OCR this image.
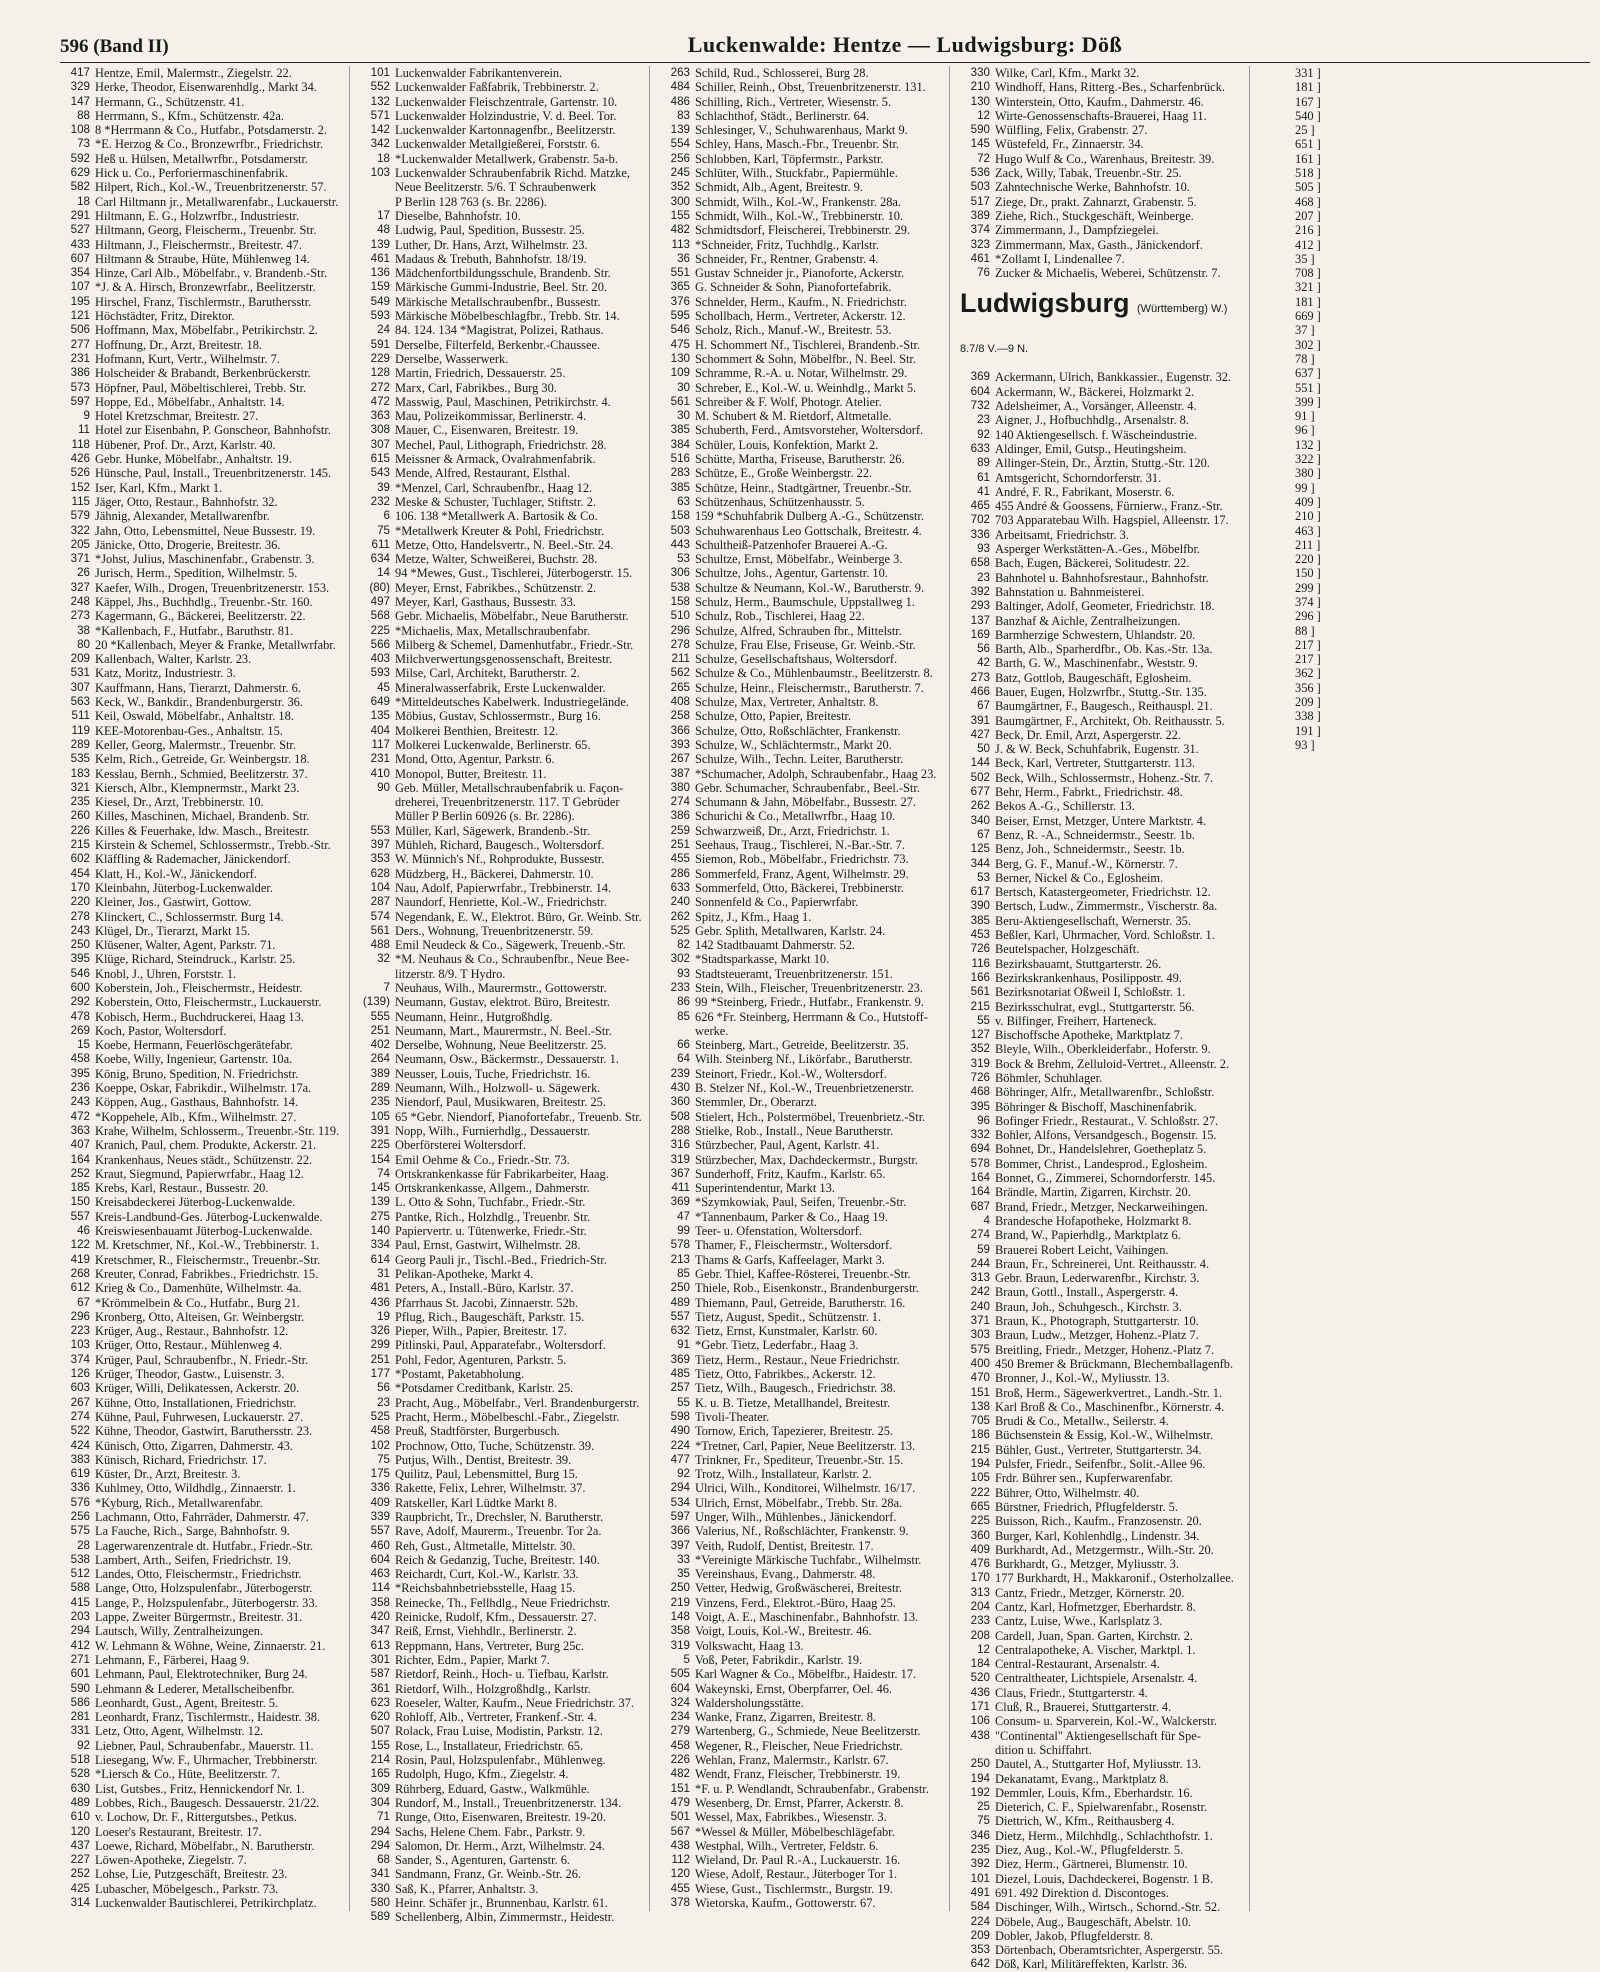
596 (Band II)	Luckenwalde: Hentze — Ludwigsburg: Döß
417 Hentze, Emil, Malermstr., Ziegelstr. 22.
329 Herke, Theodor, Eisenwarenhdlg., Markt 34.
147 Hermann, G., Schützenstr. 41.
88 Herrmann, S., Kfm., Schützenstr. 42a.
108 8 *Herrmann & Co., Hutfabr., Potsdamerstr. 2.
73 *E. Herzog & Co., Bronzewrfbr., Friedrichstr.
592 Heß u. Hülsen, Metallwrfbr., Potsdamerstr.
629 Hick u. Co., Perforiermaschinenfabrik.
582 Hilpert, Rich., Kol.-W., Treuenbritzenerstr. 57.
18 Carl Hiltmann jr., Metallwarenfabr., Luckauerstr.
291 Hiltmann, E. G., Holzwrfbr., Industriestr.
527 Hiltmann, Georg, Fleischerm., Treuenbr. Str.
433 Hiltmann, J., Fleischermstr., Breitestr. 47.
607 Hiltmann & Straube, Hüte, Mühlenweg 14.
354 Hinze, Carl Alb., Möbelfabr., v. Brandenb.-Str.
107 *J. & A. Hirsch, Bronzewrfabr., Beelitzerstr.
195 Hirschel, Franz, Tischlermstr., Baruthersstr.
121 Höchstädter, Fritz, Direktor.
506 Hoffmann, Max, Möbelfabr., Petrikirchstr. 2.
277 Hoffnung, Dr., Arzt, Breitestr. 18.
231 Hofmann, Kurt, Vertr., Wilhelmstr. 7.
386 Holscheider & Brabandt, Berkenbrückerstr.
573 Höpfner, Paul, Möbeltischlerei, Trebb. Str.
597 Hoppe, Ed., Möbelfabr., Anhaltstr. 14.
9 Hotel Kretzschmar, Breitestr. 27.
11 Hotel zur Eisenbahn, P. Gonscheor, Bahnhofstr.
118 Hübener, Prof. Dr., Arzt, Karlstr. 40.
426 Gebr. Hunke, Möbelfabr., Anhaltstr. 19.
526 Hünsche, Paul, Install., Treuenbritzenerstr. 145.
152 Iser, Karl, Kfm., Markt 1.
115 Jäger, Otto, Restaur., Bahnhofstr. 32.
579 Jähnig, Alexander, Metallwarenfbr.
322 Jahn, Otto, Lebensmittel, Neue Bussestr. 19.
205 Jänicke, Otto, Drogerie, Breitestr. 36.
371 *Johst, Julius, Maschinenfabr., Grabenstr. 3.
26 Jurisch, Herm., Spedition, Wilhelmstr. 5.
327 Kaefer, Wilh., Drogen, Treuenbritzenerstr. 153.
248 Käppel, Jhs., Buchhdlg., Treuenbr.-Str. 160.
273 Kagermann, G., Bäckerei, Beelitzerstr. 22.
38 *Kallenbach, F., Hutfabr., Baruthstr. 81.
80 20 *Kallenbach, Meyer & Franke, Metallwrfabr.
209 Kallenbach, Walter, Karlstr. 23.
531 Katz, Moritz, Industriestr. 3.
307 Kauffmann, Hans, Tierarzt, Dahmerstr. 6.
563 Keck, W., Bankdir., Brandenburgerstr. 36.
511 Keil, Oswald, Möbelfabr., Anhaltstr. 18.
119 KEE-Motorenbau-Ges., Anhaltstr. 15.
289 Keller, Georg, Malermstr., Treuenbr. Str.
535 Kelm, Rich., Getreide, Gr. Weinbergstr. 18.
183 Kesslau, Bernh., Schmied, Beelitzerstr. 37.
321 Kiersch, Albr., Klempnermstr., Markt 23.
235 Kiesel, Dr., Arzt, Trebbinerstr. 10.
260 Killes, Maschinen, Michael, Brandenb. Str.
226 Killes & Feuerhake, ldw. Masch., Breitestr.
215 Kirstein & Schemel, Schlossermstr., Trebb.-Str.
602 Kläffling & Rademacher, Jänickendorf.
454 Klatt, H., Kol.-W., Jänickendorf.
170 Kleinbahn, Jüterbog-Luckenwalder.
220 Kleiner, Jos., Gastwirt, Gottow.
278 Klinckert, C., Schlossermstr. Burg 14.
243 Klügel, Dr., Tierarzt, Markt 15.
250 Klüsener, Walter, Agent, Parkstr. 71.
395 Klüge, Richard, Steindruck., Karlstr. 25.
546 Knobl, J., Uhren, Forststr. 1.
600 Koberstein, Joh., Fleischermstr., Heidestr.
292 Koberstein, Otto, Fleischermstr., Luckauerstr.
478 Kobisch, Herm., Buchdruckerei, Haag 13.
269 Koch, Pastor, Woltersdorf.
15 Koebe, Hermann, Feuerlöschgerätefabr.
458 Koebe, Willy, Ingenieur, Gartenstr. 10a.
395 König, Bruno, Spedition, N. Friedrichstr.
236 Koeppe, Oskar, Fabrikdir., Wilhelmstr. 17a.
243 Köppen, Aug., Gasthaus, Bahnhofstr. 14.
472 *Koppehele, Alb., Kfm., Wilhelmstr. 27.
363 Krahe, Wilhelm, Schlosserm., Treuenbr.-Str. 119.
407 Kranich, Paul, chem. Produkte, Ackerstr. 21.
164 Krankenhaus, Neues städt., Schützenstr. 22.
252 Kraut, Siegmund, Papierwrfabr., Haag 12.
185 Krebs, Karl, Restaur., Bussestr. 20.
150 Kreisabdeckerei Jüterbog-Luckenwalde.
557 Kreis-Landbund-Ges. Jüterbog-Luckenwalde.
46 Kreiswiesenbauamt Jüterbog-Luckenwalde.
122 M. Kretschmer, Nf., Kol.-W., Trebbinerstr. 1.
419 Kretschmer, R., Fleischermstr., Treuenbr.-Str.
268 Kreuter, Conrad, Fabrikbes., Friedrichstr. 15.
612 Krieg & Co., Damenhüte, Wilhelmstr. 4a.
67 *Krömmelbein & Co., Hutfabr., Burg 21.
296 Kronberg, Otto, Alteisen, Gr. Weinbergstr.
223 Krüger, Aug., Restaur., Bahnhofstr. 12.
103 Krüger, Otto, Restaur., Mühlenweg 4.
374 Krüger, Paul, Schraubenfbr., N. Friedr.-Str.
126 Krüger, Theodor, Gastw., Luisenstr. 3.
603 Krüger, Willi, Delikatessen, Ackerstr. 20.
267 Kühne, Otto, Installationen, Friedrichstr.
274 Kühne, Paul, Fuhrwesen, Luckauerstr. 27.
522 Kühne, Theodor, Gastwirt, Baruthersstr. 23.
424 Künisch, Otto, Zigarren, Dahmerstr. 43.
383 Künisch, Richard, Friedrichstr. 17.
619 Küster, Dr., Arzt, Breitestr. 3.
336 Kuhlmey, Otto, Wildhdlg., Zinnaerstr. 1.
576 *Kyburg, Rich., Metallwarenfabr.
256 Lachmann, Otto, Fahrräder, Dahmerstr. 47.
575 La Fauche, Rich., Sarge, Bahnhofstr. 9.
28 Lagerwarenzentrale dt. Hutfabr., Friedr.-Str.
538 Lambert, Arth., Seifen, Friedrichstr. 19.
512 Landes, Otto, Fleischermstr., Friedrichstr.
588 Lange, Otto, Holzspulenfabr., Jüterbogerstr.
415 Lange, P., Holzspulenfabr., Jüterbogerstr. 33.
203 Lappe, Zweiter Bürgermstr., Breitestr. 31.
294 Lautsch, Willy, Zentralheizungen.
412 W. Lehmann & Wöhne, Weine, Zinnaerstr. 21.
271 Lehmann, F., Färberei, Haag 9.
601 Lehmann, Paul, Elektrotechniker, Burg 24.
590 Lehmann & Lederer, Metallscheibenfbr.
586 Leonhardt, Gust., Agent, Breitestr. 5.
281 Leonhardt, Franz, Tischlermstr., Haidestr. 38.
331 Letz, Otto, Agent, Wilhelmstr. 12.
92 Liebner, Paul, Schraubenfabr., Mauerstr. 11.
518 Liesegang, Ww. F., Uhrmacher, Trebbinerstr.
528 *Liersch & Co., Hüte, Beelitzerstr. 7.
630 List, Gutsbes., Fritz, Hennickendorf Nr. 1.
489 Lobbes, Rich., Baugesch. Dessauerstr. 21/22.
610 v. Lochow, Dr. F., Rittergutsbes., Petkus.
120 Loeser's Restaurant, Breitestr. 17.
437 Loewe, Richard, Möbelfabr., N. Barutherstr.
227 Löwen-Apotheke, Ziegelstr. 7.
252 Lohse, Lie, Putzgeschäft, Breitestr. 23.
425 Lubascher, Möbelgesch., Parkstr. 73.
314 Luckenwalder Bautischlerei, Petrikirchplatz.
101 Luckenwalder Fabrikantenverein.
552 Luckenwalder Faßfabrik, Trebbinerstr. 2.
132 Luckenwalder Fleischzentrale, Gartenstr. 10.
571 Luckenwalder Holzindustrie, V. d. Beel. Tor.
142 Luckenwalder Kartonnagenfbr., Beelitzerstr.
342 Luckenwalder Metallgießerei, Forststr. 6.
18 *Luckenwalder Metallwerk, Grabenstr. 5a-b.
103 Luckenwalder Schraubenfabrik Richd. Matzke,
Neue Beelitzerstr. 5/6. T Schraubenwerk
P Berlin 128 763 (s. Br. 2286).
17 Dieselbe, Bahnhofstr. 10.
48 Ludwig, Paul, Spedition, Bussestr. 25.
139 Luther, Dr. Hans, Arzt, Wilhelmstr. 23.
461 Madaus & Trebuth, Bahnhofstr. 18/19.
136 Mädchenfortbildungsschule, Brandenb. Str.
159 Märkische Gummi-Industrie, Beel. Str. 20.
549 Märkische Metallschraubenfbr., Bussestr.
593 Märkische Möbelbeschlagfbr., Trebb. Str. 14.
24 84. 124. 134 *Magistrat, Polizei, Rathaus.
591 Derselbe, Filterfeld, Berkenbr.-Chaussee.
229 Derselbe, Wasserwerk.
128 Martin, Friedrich, Dessauerstr. 25.
272 Marx, Carl, Fabrikbes., Burg 30.
472 Masswig, Paul, Maschinen, Petrikirchstr. 4.
363 Mau, Polizeikommissar, Berlinerstr. 4.
308 Mauer, C., Eisenwaren, Breitestr. 19.
307 Mechel, Paul, Lithograph, Friedrichstr. 28.
615 Meissner & Armack, Ovalrahmenfabrik.
543 Mende, Alfred, Restaurant, Elsthal.
39 *Menzel, Carl, Schraubenfbr., Haag 12.
232 Meske & Schuster, Tuchlager, Stiftstr. 2.
6 106. 138 *Metallwerk A. Bartosik & Co.
75 *Metallwerk Kreuter & Pohl, Friedrichstr.
611 Metze, Otto, Handelsvertr., N. Beel.-Str. 24.
634 Metze, Walter, Schweißerei, Buchstr. 28.
14 94 *Mewes, Gust., Tischlerei, Jüterbogerstr. 15.
(80) Meyer, Ernst, Fabrikbes., Schützenstr. 2.
497 Meyer, Karl, Gasthaus, Bussestr. 33.
568 Gebr. Michaelis, Möbelfabr., Neue Barutherstr.
225 *Michaelis, Max, Metallschraubenfabr.
566 Milberg & Schemel, Damenhutfabr., Friedr.-Str.
403 Milchverwertungsgenossenschaft, Breitestr.
593 Milse, Carl, Architekt, Barutherstr. 2.
45 Mineralwasserfabrik, Erste Luckenwalder.
649 *Mitteldeutsches Kabelwerk. Industriegelände.
135 Möbius, Gustav, Schlossermstr., Burg 16.
404 Molkerei Benthien, Breitestr. 12.
117 Molkerei Luckenwalde, Berlinerstr. 65.
231 Mond, Otto, Agentur, Parkstr. 6.
410 Monopol, Butter, Breitestr. 11.
90 Geb. Müller, Metallschraubenfabrik u. Façon-
dreherei, Treuenbritzenerstr. 117. T Gebrüder
Müller P Berlin 60926 (s. Br. 2286).
553 Müller, Karl, Sägewerk, Brandenb.-Str.
397 Mühleh, Richard, Baugesch., Woltersdorf.
353 W. Münnich's Nf., Rohprodukte, Bussestr.
628 Müdzberg, H., Bäckerei, Dahmerstr. 10.
104 Nau, Adolf, Papierwrfabr., Trebbinerstr. 14.
287 Naundorf, Henriette, Kol.-W., Friedrichstr.
574 Negendank, E. W., Elektrot. Büro, Gr. Weinb. Str.
561 Ders., Wohnung, Treuenbritzenerstr. 59.
488 Emil Neudeck & Co., Sägewerk, Treuenb.-Str.
32 *M. Neuhaus & Co., Schraubenfbr., Neue Bee-
litzerstr. 8/9. T Hydro.
7 Neuhaus, Wilh., Maurermstr., Gottowerstr.
(139) Neumann, Gustav, elektrot. Büro, Breitestr.
555 Neumann, Heinr., Hutgroßhdlg.
251 Neumann, Mart., Maurermstr., N. Beel.-Str.
402 Derselbe, Wohnung, Neue Beelitzerstr. 25.
264 Neumann, Osw., Bäckermstr., Dessauerstr. 1.
389 Neusser, Louis, Tuche, Friedrichstr. 16.
289 Neumann, Wilh., Holzwoll- u. Sägewerk.
235 Niendorf, Paul, Musikwaren, Breitestr. 25.
105 65 *Gebr. Niendorf, Pianofortefabr., Treuenb. Str.
391 Nopp, Wilh., Furnierhdlg., Dessauerstr.
225 Oberförsterei Woltersdorf.
154 Emil Oehme & Co., Friedr.-Str. 73.
74 Ortskrankenkasse für Fabrikarbeiter, Haag.
145 Ortskrankenkasse, Allgem., Dahmerstr.
139 L. Otto & Sohn, Tuchfabr., Friedr.-Str.
275 Pantke, Rich., Holzhdlg., Treuenbr. Str.
140 Papiervertr. u. Tütenwerke, Friedr.-Str.
334 Paul, Ernst, Gastwirt, Wilhelmstr. 28.
614 Georg Pauli jr., Tischl.-Bed., Friedrich-Str.
31 Pelikan-Apotheke, Markt 4.
481 Peters, A., Install.-Büro, Karlstr. 37.
436 Pfarrhaus St. Jacobi, Zinnaerstr. 52b.
19 Pflug, Rich., Baugeschäft, Parkstr. 15.
326 Pieper, Wilh., Papier, Breitestr. 17.
299 Pitlinski, Paul, Apparatefabr., Woltersdorf.
251 Pohl, Fedor, Agenturen, Parkstr. 5.
177 *Postamt, Paketabholung.
56 *Potsdamer Creditbank, Karlstr. 25.
23 Pracht, Aug., Möbelfabr., Verl. Brandenburgerstr.
525 Pracht, Herm., Möbelbeschl.-Fabr., Ziegelstr.
458 Preuß, Stadtförster, Burgerbusch.
102 Prochnow, Otto, Tuche, Schützenstr. 39.
75 Putjus, Wilh., Dentist, Breitestr. 39.
175 Quilitz, Paul, Lebensmittel, Burg 15.
336 Rakette, Felix, Lehrer, Wilhelmstr. 37.
409 Ratskeller, Karl Lüdtke Markt 8.
339 Raupbricht, Tr., Drechsler, N. Barutherstr.
557 Rave, Adolf, Maurerm., Treuenbr. Tor 2a.
460 Reh, Gust., Altmetalle, Mittelstr. 30.
604 Reich & Gedanzig, Tuche, Breitestr. 140.
463 Reichardt, Curt, Kol.-W., Karlstr. 33.
114 *Reichsbahnbetriebsstelle, Haag 15.
358 Reinecke, Th., Fellhdlg., Neue Friedrichstr.
420 Reinicke, Rudolf, Kfm., Dessauerstr. 27.
347 Reiß, Ernst, Viehhdlr., Berlinerstr. 2.
613 Reppmann, Hans, Vertreter, Burg 25c.
301 Richter, Edm., Papier, Markt 7.
587 Rietdorf, Reinh., Hoch- u. Tiefbau, Karlstr.
361 Rietdorf, Wilh., Holzgroßhdlg., Karlstr.
623 Roeseler, Walter, Kaufm., Neue Friedrichstr. 37.
620 Rohloff, Alb., Vertreter, Frankenf.-Str. 4.
507 Rolack, Frau Luise, Modistin, Parkstr. 12.
155 Rose, L., Installateur, Friedrichstr. 65.
214 Rosin, Paul, Holzspulenfabr., Mühlenweg.
165 Rudolph, Hugo, Kfm., Ziegelstr. 4.
309 Rührberg, Eduard, Gastw., Walkmühle.
304 Rundorf, M., Install., Treuenbritzenerstr. 134.
71 Runge, Otto, Eisenwaren, Breitestr. 19-20.
294 Sachs, Helene Chem. Fabr., Parkstr. 9.
294 Salomon, Dr. Herm., Arzt, Wilhelmstr. 24.
68 Sander, S., Agenturen, Gartenstr. 6.
341 Sandmann, Franz, Gr. Weinb.-Str. 26.
330 Saß, K., Pfarrer, Anhaltstr. 3.
580 Heinr. Schäfer jr., Brunnenbau, Karlstr. 61.
589 Schellenberg, Albin, Zimmermstr., Heidestr.
263 Schild, Rud., Schlosserei, Burg 28.
484 Schiller, Reinh., Obst, Treuenbritzenerstr. 131.
486 Schilling, Rich., Vertreter, Wiesenstr. 5.
83 Schlachthof, Städt., Berlinerstr. 64.
139 Schlesinger, V., Schuhwarenhaus, Markt 9.
554 Schley, Hans, Masch.-Fbr., Treuenbr. Str.
256 Schlobben, Karl, Töpfermstr., Parkstr.
245 Schlüter, Wilh., Stuckfabr., Papiermühle.
352 Schmidt, Alb., Agent, Breitestr. 9.
300 Schmidt, Wilh., Kol.-W., Frankenstr. 28a.
155 Schmidt, Wilh., Kol.-W., Trebbinerstr. 10.
482 Schmidtsdorf, Fleischerei, Trebbinerstr. 29.
113 *Schneider, Fritz, Tuchhdlg., Karlstr.
36 Schneider, Fr., Rentner, Grabenstr. 4.
551 Gustav Schneider jr., Pianoforte, Ackerstr.
365 G. Schneider & Sohn, Pianofortefabrik.
376 Schnelder, Herm., Kaufm., N. Friedrichstr.
595 Schollbach, Herm., Vertreter, Ackerstr. 12.
546 Scholz, Rich., Manuf.-W., Breitestr. 53.
475 H. Schommert Nf., Tischlerei, Brandenb.-Str.
130 Schommert & Sohn, Möbelfbr., N. Beel. Str.
109 Schramme, R.-A. u. Notar, Wilhelmstr. 29.
30 Schreber, E., Kol.-W. u. Weinhdlg., Markt 5.
561 Schreiber & F. Wolf, Photogr. Atelier.
30 M. Schubert & M. Rietdorf, Altmetalle.
385 Schuberth, Ferd., Amtsvorsteher, Woltersdorf.
384 Schüler, Louis, Konfektion, Markt 2.
516 Schütte, Martha, Friseuse, Barutherstr. 26.
283 Schütze, E., Große Weinbergstr. 22.
385 Schütze, Heinr., Stadtgärtner, Treuenbr.-Str.
63 Schützenhaus, Schützenhausstr. 5.
158 159 *Schuhfabrik Dulberg A.-G., Schützenstr.
503 Schuhwarenhaus Leo Gottschalk, Breitestr. 4.
443 Schultheiß-Patzenhofer Brauerei A.-G.
53 Schultze, Ernst, Möbelfabr., Weinberge 3.
306 Schultze, Johs., Agentur, Gartenstr. 10.
538 Schultze & Neumann, Kol.-W., Barutherstr. 9.
158 Schulz, Herm., Baumschule, Uppstallweg 1.
510 Schulz, Rob., Tischlerei, Haag 22.
296 Schulze, Alfred, Schrauben fbr., Mittelstr.
278 Schulze, Frau Else, Friseuse, Gr. Weinb.-Str.
211 Schulze, Gesellschaftshaus, Woltersdorf.
562 Schulze & Co., Mühlenbaumstr., Beelitzerstr. 8.
265 Schulze, Heinr., Fleischermstr., Barutherstr. 7.
408 Schulze, Max, Vertreter, Anhaltstr. 8.
258 Schulze, Otto, Papier, Breitestr.
366 Schulze, Otto, Roßschlächter, Frankenstr.
393 Schulze, W., Schlächtermstr., Markt 20.
267 Schulze, Wilh., Techn. Leiter, Barutherstr.
387 *Schumacher, Adolph, Schraubenfabr., Haag 23.
380 Gebr. Schumacher, Schraubenfabr., Beel.-Str.
274 Schumann & Jahn, Möbelfabr., Bussestr. 27.
386 Schurichi & Co., Metallwrfbr., Haag 10.
259 Schwarzweiß, Dr., Arzt, Friedrichstr. 1.
251 Seehaus, Traug., Tischlerei, N.-Bar.-Str. 7.
455 Siemon, Rob., Möbelfabr., Friedrichstr. 73.
286 Sommerfeld, Franz, Agent, Wilhelmstr. 29.
633 Sommerfeld, Otto, Bäckerei, Trebbinerstr.
240 Sonnenfeld & Co., Papierwrfabr.
262 Spitz, J., Kfm., Haag 1.
525 Gebr. Splith, Metallwaren, Karlstr. 24.
82 142 Stadtbauamt Dahmerstr. 52.
302 *Stadtsparkasse, Markt 10.
93 Stadtsteueramt, Treuenbritzenerstr. 151.
233 Stein, Wilh., Fleischer, Treuenbritzenerstr. 23.
86 99 *Steinberg, Friedr., Hutfabr., Frankenstr. 9.
85 626 *Fr. Steinberg, Herrmann & Co., Hutstoff-
werke.
66 Steinberg, Mart., Getreide, Beelitzerstr. 35.
64 Wilh. Steinberg Nf., Likörfabr., Barutherstr.
239 Steinort, Friedr., Kol.-W., Woltersdorf.
430 B. Stelzer Nf., Kol.-W., Treuenbrietzenerstr.
360 Stemmler, Dr., Oberarzt.
508 Stielert, Hch., Polstermöbel, Treuenbrietz.-Str.
288 Stielke, Rob., Install., Neue Barutherstr.
316 Stürzbecher, Paul, Agent, Karlstr. 41.
319 Stürzbecher, Max, Dachdeckermstr., Burgstr.
367 Sunderhoff, Fritz, Kaufm., Karlstr. 65.
411 Superintendentur, Markt 13.
369 *Szymkowiak, Paul, Seifen, Treuenbr.-Str.
47 *Tannenbaum, Parker & Co., Haag 19.
99 Teer- u. Ofenstation, Woltersdorf.
578 Thamer, F., Fleischermstr., Woltersdorf.
213 Thams & Garfs, Kaffeelager, Markt 3.
85 Gebr. Thiel, Kaffee-Rösterei, Treuenbr.-Str.
250 Thiele, Rob., Eisenkonstr., Brandenburgerstr.
489 Thiemann, Paul, Getreide, Barutherstr. 16.
557 Tietz, August, Spedit., Schützenstr. 1.
632 Tietz, Ernst, Kunstmaler, Karlstr. 60.
91 *Gebr. Tietz, Lederfabr., Haag 3.
369 Tietz, Herm., Restaur., Neue Friedrichstr.
485 Tietz, Otto, Fabrikbes., Ackerstr. 12.
257 Tietz, Wilh., Baugesch., Friedrichstr. 38.
55 K. u. B. Tietze, Metallhandel, Breitestr.
598 Tivoli-Theater.
490 Tornow, Erich, Tapezierer, Breitestr. 25.
224 *Tretner, Carl, Papier, Neue Beelitzerstr. 13.
477 Trinkner, Fr., Spediteur, Treuenbr.-Str. 15.
92 Trotz, Wilh., Installateur, Karlstr. 2.
294 Ulrici, Wilh., Konditorei, Wilhelmstr. 16/17.
534 Ulrich, Ernst, Möbelfabr., Trebb. Str. 28a.
597 Unger, Wilh., Mühlenbes., Jänickendorf.
366 Valerius, Nf., Roßschlächter, Frankenstr. 9.
397 Veith, Rudolf, Dentist, Breitestr. 17.
33 *Vereinigte Märkische Tuchfabr., Wilhelmstr.
35 Vereinshaus, Evang., Dahmerstr. 48.
250 Vetter, Hedwig, Großwäscherei, Breitestr.
219 Vinzens, Ferd., Elektrot.-Büro, Haag 25.
148 Voigt, A. E., Maschinenfabr., Bahnhofstr. 13.
358 Voigt, Louis, Kol.-W., Breitestr. 46.
319 Volkswacht, Haag 13.
5 Voß, Peter, Fabrikdir., Karlstr. 19.
505 Karl Wagner & Co., Möbelfbr., Haidestr. 17.
604 Wakeynski, Ernst, Oberpfarrer, Oel. 46.
324 Waldersholungsstätte.
234 Wanke, Franz, Zigarren, Breitestr. 8.
279 Wartenberg, G., Schmiede, Neue Beelitzerstr.
458 Wegener, R., Fleischer, Neue Friedrichstr.
226 Wehlan, Franz, Malermstr., Karlstr. 67.
482 Wendt, Franz, Fleischer, Trebbinerstr. 19.
151 *F. u. P. Wendlandt, Schraubenfabr., Grabenstr.
479 Wesenberg, Dr. Ernst, Pfarrer, Ackerstr. 8.
501 Wessel, Max, Fabrikbes., Wiesenstr. 3.
567 *Wessel & Müller, Möbelbeschlägefabr.
438 Westphal, Wilh., Vertreter, Feldstr. 6.
112 Wieland, Dr. Paul R.-A., Luckauerstr. 16.
120 Wiese, Adolf, Restaur., Jüterboger Tor 1.
455 Wiese, Gust., Tischlermstr., Burgstr. 19.
378 Wietorska, Kaufm., Gottowerstr. 67.
330 Wilke, Carl, Kfm., Markt 32.
210 Windhoff, Hans, Ritterg.-Bes., Scharfenbrück.
130 Winterstein, Otto, Kaufm., Dahmerstr. 46.
12 Wirte-Genossenschafts-Brauerei, Haag 11.
590 Wülfling, Felix, Grabenstr. 27.
145 Wüstefeld, Fr., Zinnaerstr. 34.
72 Hugo Wulf & Co., Warenhaus, Breitestr. 39.
536 Zack, Willy, Tabak, Treuenbr.-Str. 25.
503 Zahntechnische Werke, Bahnhofstr. 10.
517 Ziege, Dr., prakt. Zahnarzt, Grabenstr. 5.
389 Ziehe, Rich., Stuckgeschäft, Weinberge.
374 Zimmermann, J., Dampfziegelei.
323 Zimmermann, Max, Gasth., Jänickendorf.
461 *Zollamt I, Lindenallee 7.
76 Zucker & Michaelis, Weberei, Schützenstr. 7.
Ludwigsburg (Württemberg) W.) 8.7/8 V.—9 N.
369 Ackermann, Ulrich, Bankkassier., Eugenstr. 32.
604 Ackermann, W., Bäckerei, Holzmarkt 2.
732 Adelsheimer, A., Vorsänger, Alleenstr. 4.
23 Aigner, J., Hofbuchhdlg., Arsenalstr. 8.
92 140 Aktiengesellsch. f. Wäscheindustrie.
633 Aldinger, Emil, Gutsp., Heutingsheim.
89 Allinger-Stein, Dr., Ärztin, Stuttg.-Str. 120.
61 Amtsgericht, Schorndorferstr. 31.
41 André, F. R., Fabrikant, Moserstr. 6.
465 455 André & Goossens, Fürnierw., Franz.-Str.
702 703 Apparatebau Wilh. Hagspiel, Alleenstr. 17.
336 Arbeitsamt, Friedrichstr. 3.
93 Asperger Werkstätten-A.-Ges., Möbelfbr.
658 Bach, Eugen, Bäckerei, Solitudestr. 22.
23 Bahnhotel u. Bahnhofsrestaur., Bahnhofstr.
392 Bahnstation u. Bahnmeisterei.
293 Baltinger, Adolf, Geometer, Friedrichstr. 18.
137 Banzhaf & Aichle, Zentralheizungen.
169 Barmherzige Schwestern, Uhlandstr. 20.
56 Barth, Alb., Sparherdfbr., Ob. Kas.-Str. 13a.
42 Barth, G. W., Maschinenfabr., Weststr. 9.
273 Batz, Gottlob, Baugeschäft, Eglosheim.
466 Bauer, Eugen, Holzwrfbr., Stuttg.-Str. 135.
67 Baumgärtner, F., Baugesch., Reithauspl. 21.
391 Baumgärtner, F., Architekt, Ob. Reithausstr. 5.
427 Beck, Dr. Emil, Arzt, Aspergerstr. 22.
50 J. & W. Beck, Schuhfabrik, Eugenstr. 31.
144 Beck, Karl, Vertreter, Stuttgarterstr. 113.
502 Beck, Wilh., Schlossermstr., Hohenz.-Str. 7.
677 Behr, Herm., Fabrkt., Friedrichstr. 48.
262 Bekos A.-G., Schillerstr. 13.
340 Beiser, Ernst, Metzger, Untere Marktstr. 4.
67 Benz, R. -A., Schneidermstr., Seestr. 1b.
125 Benz, Joh., Schneidermstr., Seestr. 1b.
344 Berg, G. F., Manuf.-W., Körnerstr. 7.
53 Berner, Nickel & Co., Eglosheim.
617 Bertsch, Katastergeometer, Friedrichstr. 12.
390 Bertsch, Ludw., Zimmermstr., Vischerstr. 8a.
385 Beru-Aktiengesellschaft, Wernerstr. 35.
453 Beßler, Karl, Uhrmacher, Vord. Schloßstr. 1.
726 Beutelspacher, Holzgeschäft.
116 Bezirksbauamt, Stuttgarterstr. 26.
166 Bezirkskrankenhaus, Posilippostr. 49.
561 Bezirksnotariat Oßweil I, Schloßstr. 1.
215 Bezirksschulrat, evgl., Stuttgarterstr. 56.
55 v. Bilfinger, Freiherr, Harteneck.
127 Bischoffsche Apotheke, Marktplatz 7.
352 Bleyle, Wilh., Oberkleiderfabr., Hoferstr. 9.
319 Bock & Brehm, Zelluloid-Vertret., Alleenstr. 2.
726 Böhmler, Schuhlager.
468 Böhringer, Alfr., Metallwarenfbr., Schloßstr.
395 Böhringer & Bischoff, Maschinenfabrik.
96 Bofinger Friedr., Restaurat., V. Schloßstr. 27.
332 Bohler, Alfons, Versandgesch., Bogenstr. 15.
694 Bohnet, Dr., Handelslehrer, Goetheplatz 5.
578 Bommer, Christ., Landesprod., Eglosheim.
164 Bonnet, G., Zimmerei, Schorndorferstr. 145.
164 Brändle, Martin, Zigarren, Kirchstr. 20.
687 Brand, Friedr., Metzger, Neckarweihingen.
4 Brandesche Hofapotheke, Holzmarkt 8.
274 Brand, W., Papierhdlg., Marktplatz 6.
59 Brauerei Robert Leicht, Vaihingen.
244 Braun, Fr., Schreinerei, Unt. Reithausstr. 4.
313 Gebr. Braun, Lederwarenfbr., Kirchstr. 3.
242 Braun, Gottl., Install., Aspergerstr. 4.
240 Braun, Joh., Schuhgesch., Kirchstr. 3.
371 Braun, K., Photograph, Stuttgarterstr. 10.
303 Braun, Ludw., Metzger, Hohenz.-Platz 7.
575 Breitling, Friedr., Metzger, Hohenz.-Platz 7.
400 450 Bremer & Brückmann, Blechemballagenfb.
470 Bronner, J., Kol.-W., Myliusstr. 13.
151 Broß, Herm., Sägewerkvertret., Landh.-Str. 1.
138 Karl Broß & Co., Maschinenfbr., Körnerstr. 4.
705 Brudi & Co., Metallw., Seilerstr. 4.
186 Büchsenstein & Essig, Kol.-W., Wilhelmstr.
215 Bühler, Gust., Vertreter, Stuttgarterstr. 34.
194 Pulsfer, Friedr., Seifenfbr., Solit.-Allee 96.
105 Frdr. Bührer sen., Kupferwarenfabr.
222 Bührer, Otto, Wilhelmstr. 40.
665 Bürstner, Friedrich, Pflugfelderstr. 5.
225 Buisson, Rich., Kaufm., Franzosenstr. 20.
360 Burger, Karl, Kohlenhdlg., Lindenstr. 34.
409 Burkhardt, Ad., Metzgermstr., Wilh.-Str. 20.
476 Burkhardt, G., Metzger, Myliusstr. 3.
170 177 Burkhardt, H., Makkaronif., Osterholzallee.
313 Cantz, Friedr., Metzger, Körnerstr. 20.
204 Cantz, Karl, Hofmetzger, Eberhardstr. 8.
233 Cantz, Luise, Wwe., Karlsplatz 3.
208 Cardell, Juan, Span. Garten, Kirchstr. 2.
12 Centralapotheke, A. Vischer, Marktpl. 1.
184 Central-Restaurant, Arsenalstr. 4.
520 Centraltheater, Lichtspiele, Arsenalstr. 4.
436 Claus, Friedr., Stuttgarterstr. 4.
171 Cluß, R., Brauerei, Stuttgarterstr. 4.
106 Consum- u. Sparverein, Kol.-W., Walckerstr.
438 "Continental" Aktiengesellschaft für Spe-
dition u. Schiffahrt.
250 Dautel, A., Stuttgarter Hof, Myliusstr. 13.
194 Dekanatamt, Evang., Marktplatz 8.
192 Demmler, Louis, Kfm., Eberhardstr. 16.
25 Dieterich, C. F., Spielwarenfabr., Rosenstr.
75 Diettrich, W., Kfm., Reithausberg 4.
346 Dietz, Herm., Milchhdlg., Schlachthofstr. 1.
235 Diez, Aug., Kol.-W., Pflugfelderstr. 5.
392 Diez, Herm., Gärtnerei, Blumenstr. 10.
101 Diezel, Louis, Dachdeckerei, Bogenstr. 1 B.
491 691. 492 Direktion d. Discontoges.
584 Dischinger, Wilh., Wirtsch., Schornd.-Str. 52.
224 Döbele, Aug., Baugeschäft, Abelstr. 10.
209 Dobler, Jakob, Pflugfelderstr. 8.
353 Dörtenbach, Oberamtsrichter, Aspergerstr. 55.
642 Döß, Karl, Militäreffekten, Karlstr. 36.
331 ]
181 ]
167 ]
540 ]
25 ]
651 ]
161 ]
518 ]
505 ]
468 ]
207 ]
216 ]
412 ]
35 ]
708 ]
321 ]
181 ]
669 ]
37 ]
302 ]
78 ]
637 ]
551 ]
399 ]
91 ]
96 ]
132 ]
322 ]
380 ]
99 ]
409 ]
210 ]
463 ]
211 ]
220 ]
150 ]
299 ]
374 ]
296 ]
88 ]
217 ]
217 ]
362 ]
356 ]
209 ]
338 ]
191 ]
93 ]
